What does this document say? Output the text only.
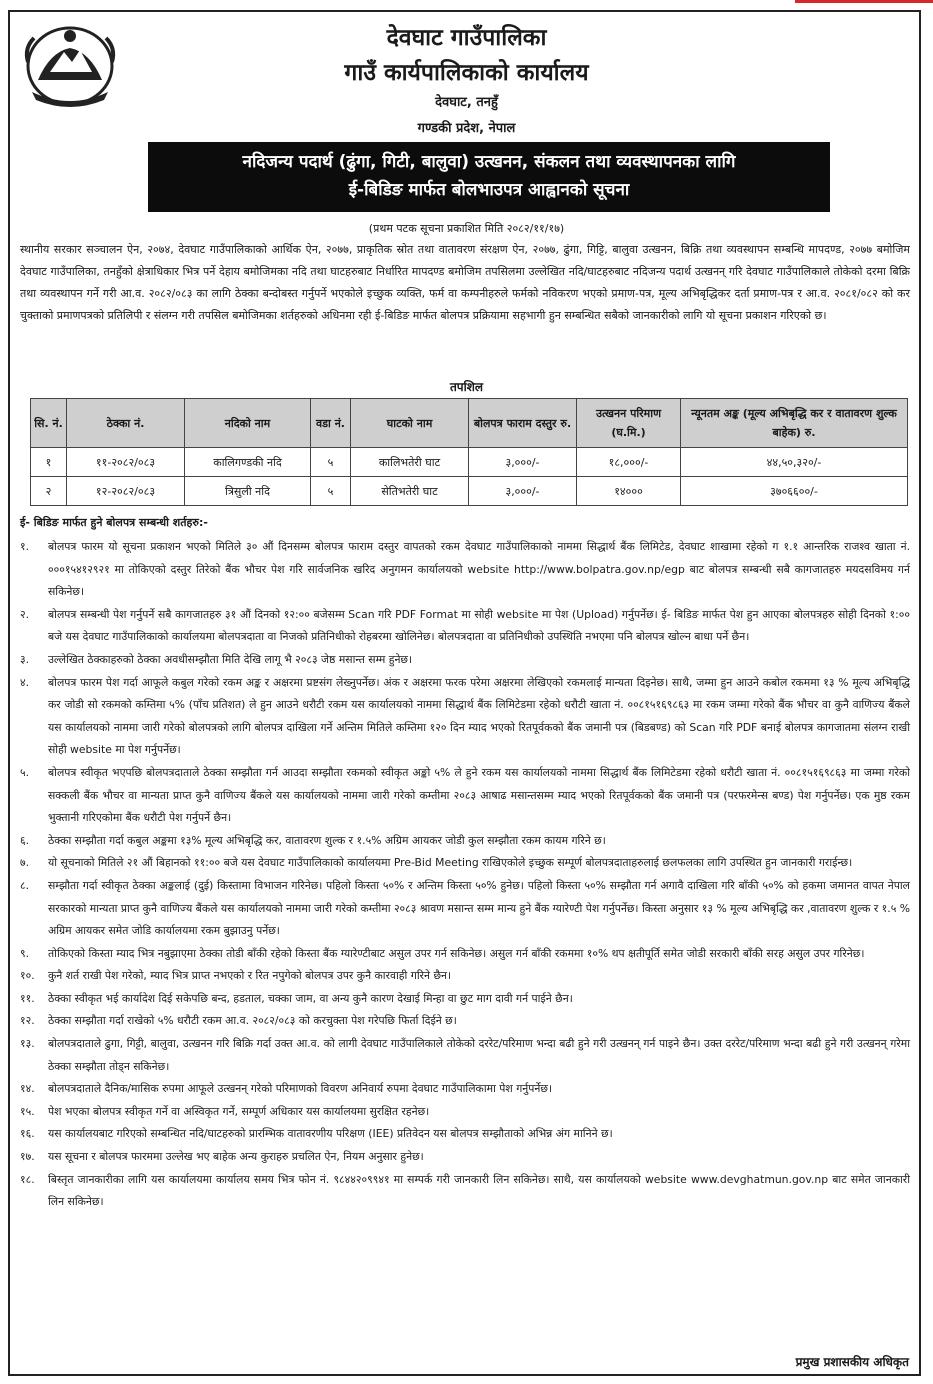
देवघाट गाउँपालिका
गाउँ कार्यपालिकाको कार्यालय
देवघाट, तनहुँ
गण्डकी प्रदेश, नेपाल
नदिजन्य पदार्थ (ढुंगा, गिटी, बालुवा) उत्खनन, संकलन तथा व्यवस्थापनका लागि
ई-बिडिङ मार्फत बोलभाउपत्र आह्वानको सूचना
(प्रथम पटक सूचना प्रकाशित मिति २०८२/११/१७)
स्थानीय सरकार सञ्चालन ऐन, २०७४, देवघाट गाउँपालिकाको आर्थिक ऐन, २०७७, प्राकृतिक स्रोत तथा वातावरण संरक्षण ऐन, २०७७, ढुंगा, गिट्टि, बालुवा उत्खनन, बिक्रि तथा व्यवस्थापन सम्बन्धि मापदण्ड, २०७७ बमोजिम देवघाट गाउँपालिका, तनहुँको क्षेत्राधिकार भित्र पर्ने देहाय बमोजिमका नदि तथा घाटहरुबाट निर्धारित मापदण्ड बमोजिम तपसिलमा उल्लेखित नदि/घाटहरुबाट नदिजन्य पदार्थ उत्खनन् गरि देवघाट गाउँपालिकाले तोकेको दरमा बिक्रि तथा व्यवस्थापन गर्ने गरी आ.व. २०८२/०८३ का लागि ठेक्का बन्दोबस्त गर्नुपर्ने भएकोले इच्छुक व्यक्ति, फर्म वा कम्पनीहरुले फर्मको नविकरण भएको प्रमाण-पत्र, मूल्य अभिबृद्धिकर दर्ता प्रमाण-पत्र र आ.व. २०८१/०८२ को कर चुक्ताको प्रमाणपत्रको प्रतिलिपी र संलग्न गरी तपसिल बमोजिमका शर्तहरुको अधिनमा रही ई-बिडिङ मार्फत बोलपत्र प्रक्रियामा सहभागी हुन सम्बन्धित सबैको जानकारीको लागि यो सूचना प्रकाशन गरिएको छ।
तपशिल
सि. नं.	ठेक्का नं.	नदिको नाम	वडा नं.	घाटको नाम	बोलपत्र फाराम दस्तुर रु.	उत्खनन परिमाण (घ.मि.)	न्यूनतम अङ्क (मूल्य अभिबृद्धि कर र वातावरण शुल्क बाहेक) रु.
१	११-२०८२/०८३	कालिगण्डकी नदि	५	कालिभतेरी घाट	३,०००/-	१८,०००/-	४४,५०,३२०/-
२	१२-२०८२/०८३	त्रिसुली नदि	५	सेतिभतेरी घाट	३,०००/-	१४०००	३७०६६००/-
ई- बिडिङ मार्फत हुने बोलपत्र सम्बन्धी शर्तहरु:-
१. बोलपत्र फारम यो सूचना प्रकाशन भएको मितिले ३० औं दिनसम्म बोलपत्र फाराम दस्तुर वापतको रकम देवघाट गाउँपालिकाको नाममा सिद्धार्थ बैंक लिमिटेड, देवघाट शाखामा रहेको ग १.१ आन्तरिक राजश्व खाता नं. ०००१५४१२९२१ मा तोकिएको दस्तुर तिरेको बैंक भौचर पेश गरि सार्वजनिक खरिद अनुगमन कार्यालयको website http://www.bolpatra.gov.np/egp बाट बोलपत्र सम्बन्धी सबै कागजातहरु मयदसविमय गर्न सकिनेछ।
२. बोलपत्र सम्बन्धी पेश गर्नुपर्ने सबै कागजातहरु ३१ औं दिनको १२:०० बजेसम्म Scan गरि PDF Format मा सोही website मा पेश (Upload) गर्नुपर्नेछ। ई- बिडिङ मार्फत पेश हुन आएका बोलपत्रहरु सोही दिनको १:०० बजे यस देवघाट गाउँपालिकाको कार्यालयमा बोलपत्रदाता वा निजको प्रतिनिधीको रोहबरमा खोलिनेछ। बोलपत्रदाता वा प्रतिनिधीको उपस्थिति नभएमा पनि बोलपत्र खोल्न बाधा पर्ने छैन।
३. उल्लेखित ठेक्काहरुको ठेक्का अवधीसम्झौता मिति देखि लागू भै २०८३ जेष्ठ मसान्त सम्म हुनेछ।
४. बोलपत्र फारम पेश गर्दा आफूले कबुल गरेको रकम अङ्क र अक्षरमा प्रष्टसंग लेख्नुपर्नेछ। अंक र अक्षरमा फरक परेमा अक्षरमा लेखिएको रकमलाई मान्यता दिइनेछ। साथै, जम्मा हुन आउने कबोल रकममा १३ % मूल्य अभिबृद्धि कर जोडी सो रकमको कम्तिमा ५% (पाँच प्रतिशत) ले हुन आउने धरौटी रकम यस कार्यालयको नाममा सिद्धार्थ बैंक लिमिटेडमा रहेको धरौटी खाता नं. ००८१५१६९८६३ मा रकम जम्मा गरेको बैंक भौचर वा कुनै वाणिज्य बैंकले यस कार्यालयको नाममा जारी गरेको बोलपत्रको लागि बोलपत्र दाखिला गर्ने अन्तिम मितिले कम्तिमा १२० दिन म्याद भएको रितपूर्वकको बैंक जमानी पत्र (बिडबण्ड) को Scan गरि PDF बनाई बोलपत्र कागजातमा संलग्न राखी सोही website मा पेश गर्नुपर्नेछ।
५. बोलपत्र स्वीकृत भएपछि बोलपत्रदाताले ठेक्का सम्झौता गर्न आउदा सम्झौता रकमको स्वीकृत अङ्को ५% ले हुने रकम यस कार्यालयको नाममा सिद्धार्थ बैंक लिमिटेडमा रहेको धरौटी खाता नं. ००८१५१६९८६३ मा जम्मा गरेको सक्कली बैंक भौचर वा मान्यता प्राप्त कुनै वाणिज्य बैंकले यस कार्यालयको नाममा जारी गरेको कम्तीमा २०८३ आषाढ मसान्तसम्म म्याद भएको रितपूर्वकको बैंक जमानी पत्र (परफरमेन्स बण्ड) पेश गर्नुपर्नेछ। एक मुष्ठ रकम भुक्तानी गरिएकोमा बैंक धरौटी पेश गर्नुपर्ने छैन।
६. ठेक्का सम्झौता गर्दा कबुल अङ्कमा १३% मूल्य अभिबृद्धि कर, वातावरण शुल्क र १.५% अग्रिम आयकर जोडी कुल सम्झौता रकम कायम गरिने छ।
७. यो सूचनाको मितिले २१ औं बिहानको ११:०० बजे यस देवघाट गाउँपालिकाको कार्यालयमा Pre-Bid Meeting राखिएकोले इच्छुक सम्पूर्ण बोलपत्रदाताहरुलाई छलफलका लागि उपस्थित हुन जानकारी गराईन्छ।
८. सम्झौता गर्दा स्वीकृत ठेक्का अङ्कलाई (दुई) किस्तामा विभाजन गरिनेछ। पहिलो किस्ता ५०% र अन्तिम किस्ता ५०% हुनेछ। पहिलो किस्ता ५०% सम्झौता गर्न अगावै दाखिला गरि बाँकी ५०% को हकमा जमानत वापत नेपाल सरकारको मान्यता प्राप्त कुनै वाणिज्य बैंकले यस कार्यालयको नाममा जारी गरेको कम्तीमा २०८३ श्रावण मसान्त सम्म मान्य हुने बैंक ग्यारेण्टी पेश गर्नुपर्नेछ। किस्ता अनुसार १३ % मूल्य अभिबृद्धि कर ,वातावरण शुल्क र १.५ % अग्रिम आयकर समेत जोडि कार्यालयमा रकम बुझाउनु पर्नेछ।
९. तोकिएको किस्ता म्याद भित्र नबुझाएमा ठेक्का तोडी बाँकी रहेको किस्ता बैंक ग्यारेण्टीबाट असुल उपर गर्न सकिनेछ। असुल गर्न बाँकी रकममा १०% थप क्षतीपूर्ति समेत जोडी सरकारी बाँकी सरह असुल उपर गरिनेछ।
१०. कुनै शर्त राखी पेश गरेको, म्याद भित्र प्राप्त नभएको र रित नपुगेको बोलपत्र उपर कुनै कारवाही गरिने छैन।
११. ठेक्का स्वीकृत भई कार्यादेश दिई सकेपछि बन्द, हडताल, चक्का जाम, वा अन्य कुनै कारण देखाई मिन्हा वा छुट माग दावी गर्न पाईने छैन।
१२. ठेक्का सम्झौता गर्दा राखेको ५% धरौटी रकम आ.व. २०८२/०८३ को करचुक्ता पेश गरेपछि फिर्ता दिईने छ।
१३. बोलपत्रदाताले ढुगा, गिट्टी, बालुवा, उत्खनन गरि बिक्रि गर्दा उक्त आ.व. को लागी देवघाट गाउँपालिकाले तोकेको दररेट/परिमाण भन्दा बढी हुने गरी उत्खनन् गर्न पाइने छैन। उक्त दररेट/परिमाण भन्दा बढी हुने गरी उत्खनन् गरेमा ठेक्का सम्झौता तोड्न सकिनेछ।
१४. बोलपत्रदाताले दैनिक/मासिक रुपमा आफूले उत्खनन् गरेको परिमाणको विवरण अनिवार्य रुपमा देवघाट गाउँपालिकामा पेश गर्नुपर्नेछ।
१५. पेश भएका बोलपत्र स्वीकृत गर्ने वा अस्विकृत गर्ने, सम्पूर्ण अधिकार यस कार्यालयमा सुरक्षित रहनेछ।
१६. यस कार्यालयबाट गरिएको सम्बन्धित नदि/घाटहरुको प्रारम्भिक वातावरणीय परिक्षण (IEE) प्रतिवेदन यस बोलपत्र सम्झौताको अभिन्न अंग मानिने छ।
१७. यस सूचना र बोलपत्र फारममा उल्लेख भए बाहेक अन्य कुराहरु प्रचलित ऐन, नियम अनुसार हुनेछ।
१८. बिस्तृत जानकारीका लागि यस कार्यालयमा कार्यालय समय भित्र फोन नं. ९८४४२०९९४१ मा सम्पर्क गरी जानकारी लिन सकिनेछ। साथै, यस कार्यालयको website www.devghatmun.gov.np बाट समेत जानकारी लिन सकिनेछ।
प्रमुख प्रशासकीय अधिकृत
